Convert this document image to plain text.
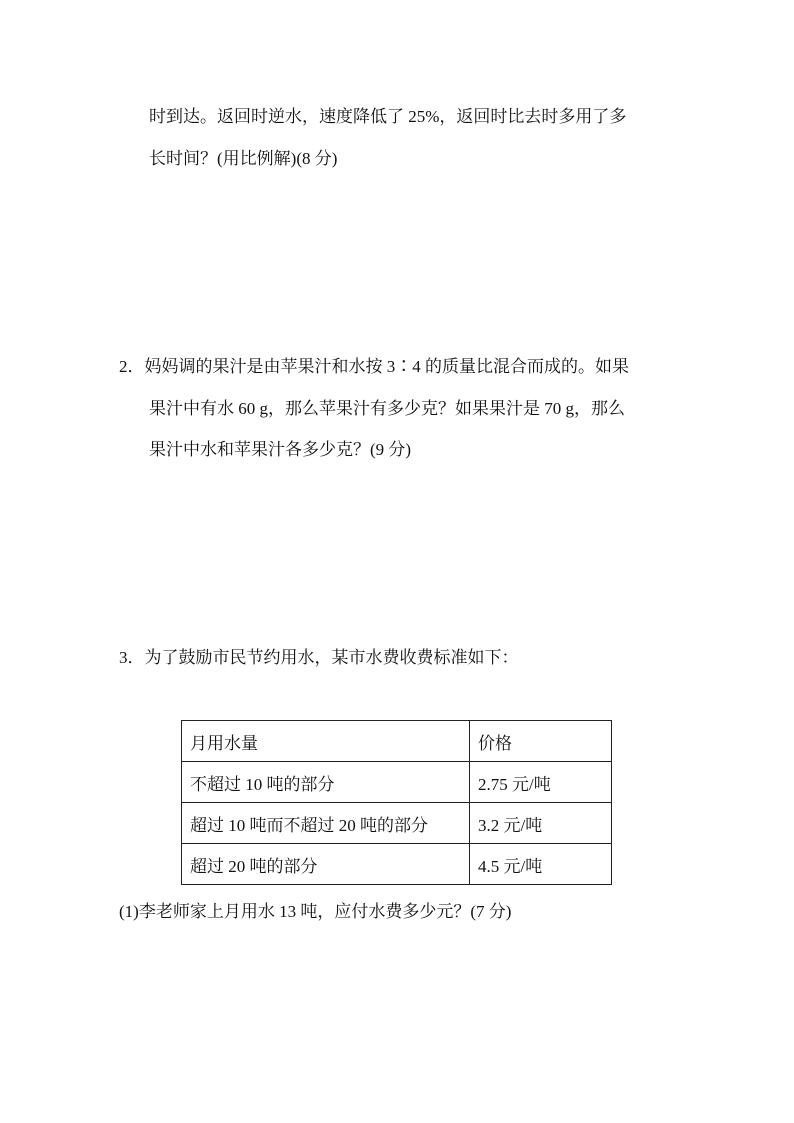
时到达。返回时逆水，速度降低了 25%，返回时比去时多用了多
长时间？(用比例解)(8 分)
2．妈妈调的果汁是由苹果汁和水按 3∶4 的质量比混合而成的。如果
果汁中有水 60 g，那么苹果汁有多少克？如果果汁是 70 g，那么
果汁中水和苹果汁各多少克？(9 分)
3．为了鼓励市民节约用水，某市水费收费标准如下：
月用水量	价格
不超过 10 吨的部分	2.75 元/吨
超过 10 吨而不超过 20 吨的部分	3.2 元/吨
超过 20 吨的部分	4.5 元/吨
(1)李老师家上月用水 13 吨，应付水费多少元？(7 分)
